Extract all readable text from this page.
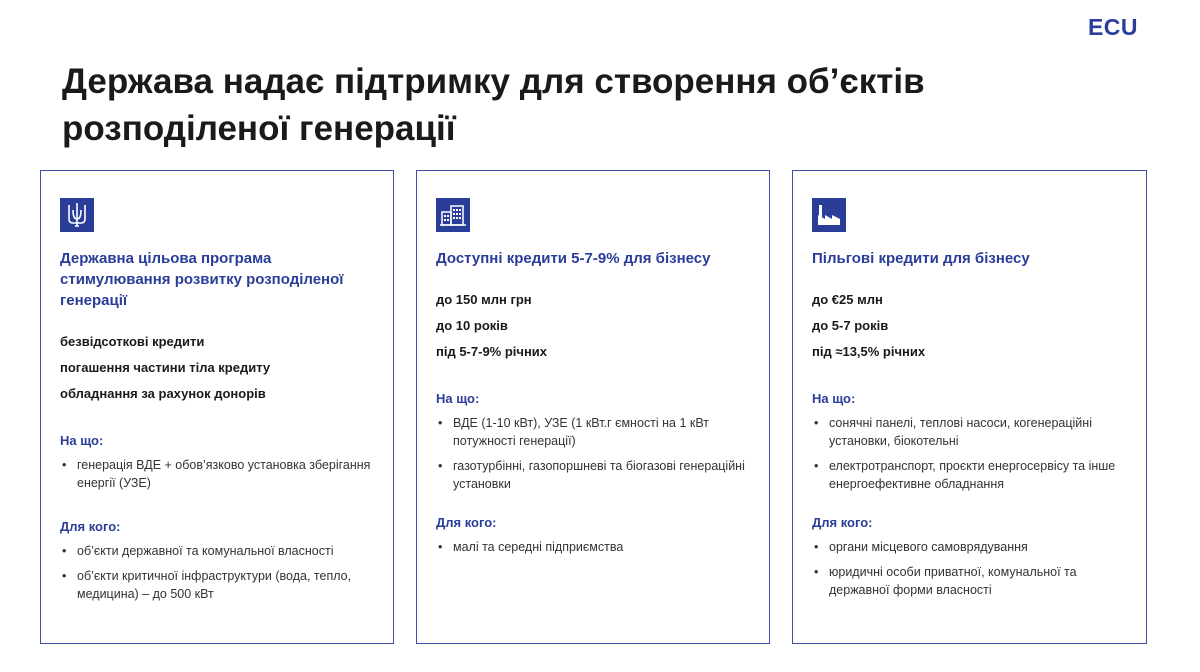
ECU
Держава надає підтримку для створення об’єктів розподіленої генерації
Державна цільова програма стимулювання розвитку розподіленої генерації
безвідсоткові кредити
погашення частини тіла кредиту
обладнання за рахунок донорів
На що:
• генерація ВДЕ + обов’язково установка зберігання енергії (УЗЕ)
Для кого:
• об’єкти державної та комунальної власності
• об’єкти критичної інфраструктури (вода, тепло, медицина) – до 500 кВт
Доступні кредити 5-7-9% для бізнесу
до 150 млн грн
до 10 років
під 5-7-9% річних
На що:
• ВДЕ (1-10 кВт), УЗЕ (1 кВт.г ємності на 1 кВт потужності генерації)
• газотурбінні, газопоршневі та біогазові генераційні установки
Для кого:
• малі та середні підприємства
Пільгові кредити для бізнесу
до €25 млн
до 5-7 років
під ≈13,5% річних
На що:
• сонячні панелі, теплові насоси, когенераційні установки, біокотельні
• електротранспорт, проєкти енергосервісу та інше енергоефективне обладнання
Для кого:
• органи місцевого самоврядування
• юридичні особи приватної, комунальної та державної форми власності
